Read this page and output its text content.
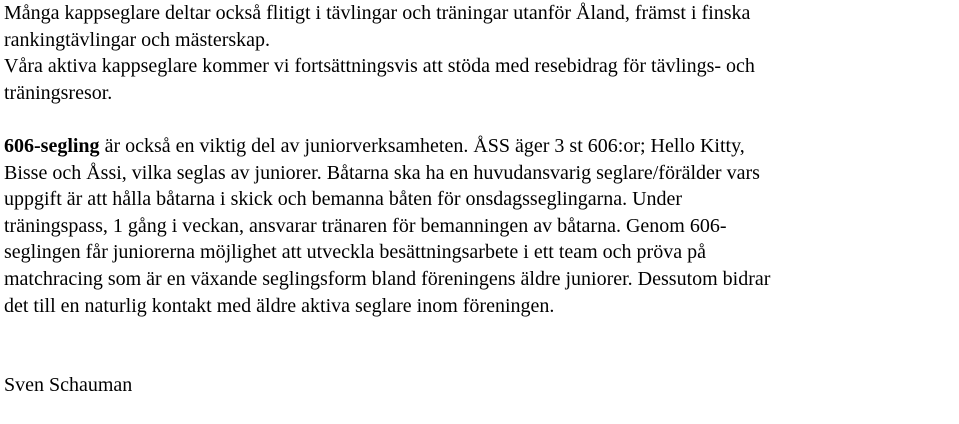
Många kappseglare deltar också flitigt i tävlingar och träningar utanför Åland, främst i finska
rankingtävlingar och mästerskap.

Våra aktiva kappseglare kommer vi fortsättningsvis att stöda med resebidrag för tävlings- och
träningsresor.

606-segling är också en viktig del av juniorverksamheten. ÅSS äger 3 st 606:or; Hello Kitty,
Bisse och Åssi, vilka seglas av juniorer. Båtarna ska ha en huvudansvarig seglare/förälder vars
uppgift är att hålla båtarna i skick och bemanna båten för onsdagsseglingarna. Under
träningspass, 1 gång i veckan, ansvarar tränaren för bemanningen av båtarna. Genom 606-
seglingen får juniorerna möjlighet att utveckla besättningsarbete i ett team och pröva på
matchracing som är en växande seglingsform bland föreningens äldre juniorer. Dessutom bidrar
det till en naturlig kontakt med äldre aktiva seglare inom föreningen.

Sven Schauman
